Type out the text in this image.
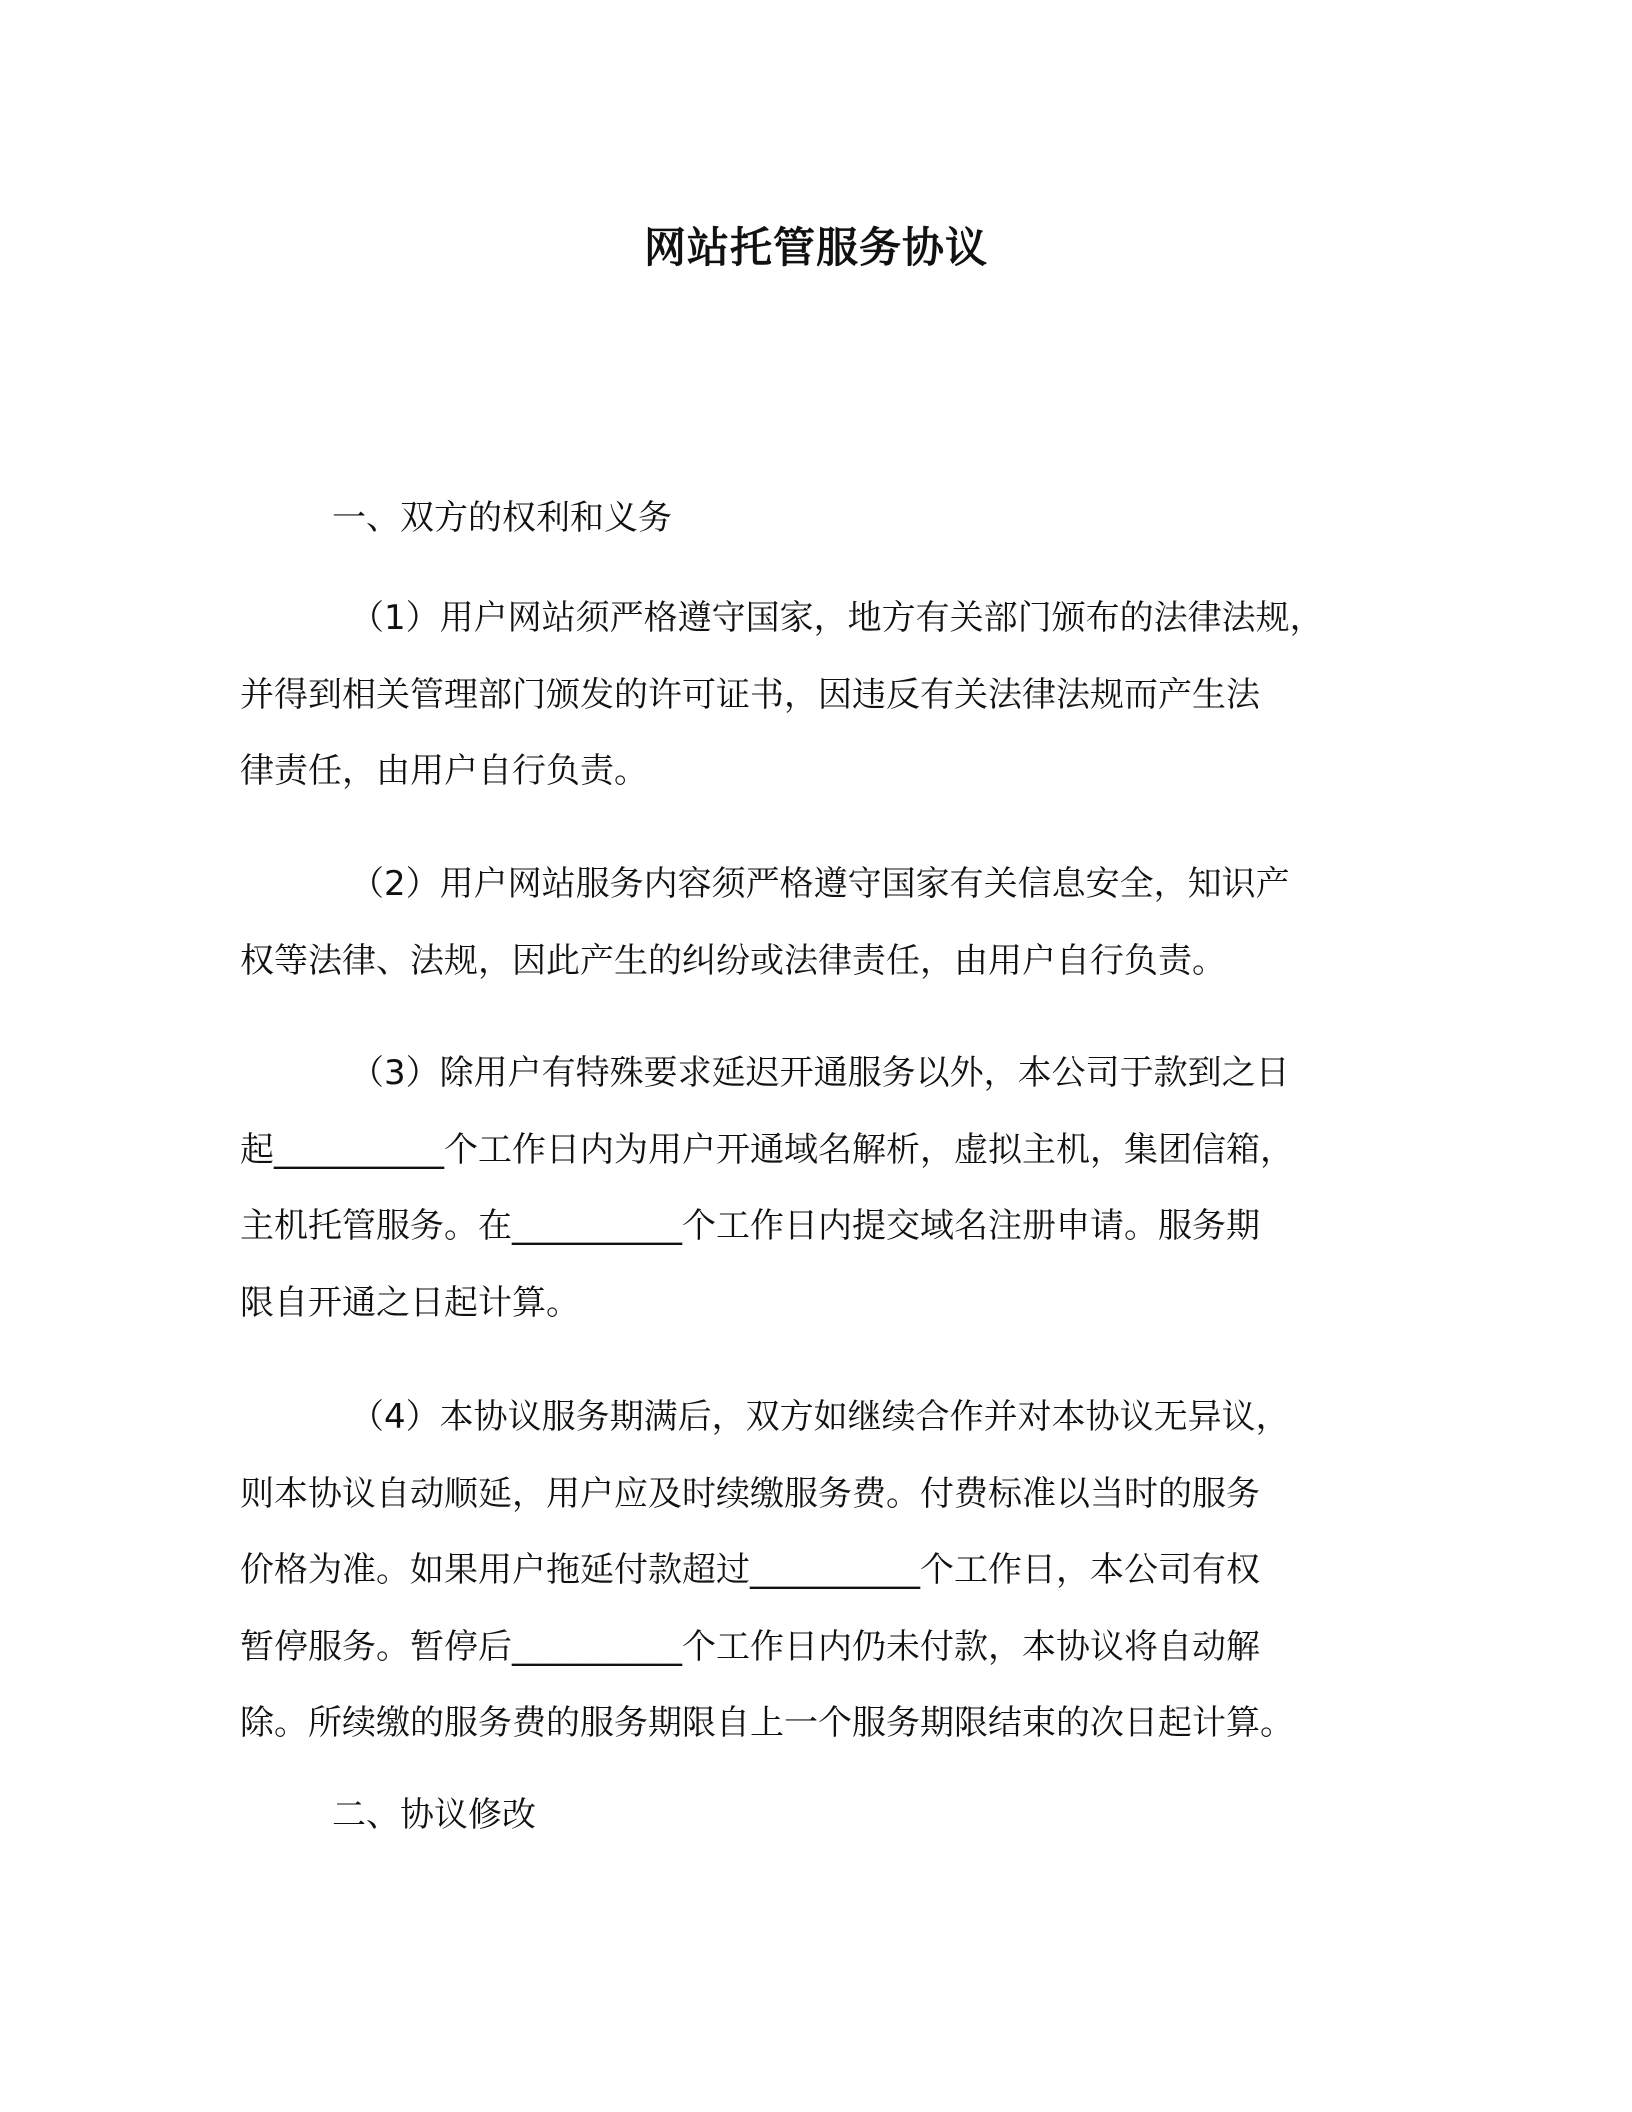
网站托管服务协议
一、双方的权利和义务
（1）用户网站须严格遵守国家，地方有关部门颁布的法律法规，
并得到相关管理部门颁发的许可证书，因违反有关法律法规而产生法
律责任，由用户自行负责。
（2）用户网站服务内容须严格遵守国家有关信息安全，知识产
权等法律、法规，因此产生的纠纷或法律责任，由用户自行负责。
（3）除用户有特殊要求延迟开通服务以外，本公司于款到之日
起__________个工作日内为用户开通域名解析，虚拟主机，集团信箱，
主机托管服务。在__________个工作日内提交域名注册申请。服务期
限自开通之日起计算。
（4）本协议服务期满后，双方如继续合作并对本协议无异议，
则本协议自动顺延，用户应及时续缴服务费。付费标准以当时的服务
价格为准。如果用户拖延付款超过__________个工作日，本公司有权
暂停服务。暂停后__________个工作日内仍未付款，本协议将自动解
除。所续缴的服务费的服务期限自上一个服务期限结束的次日起计算。
二、协议修改
